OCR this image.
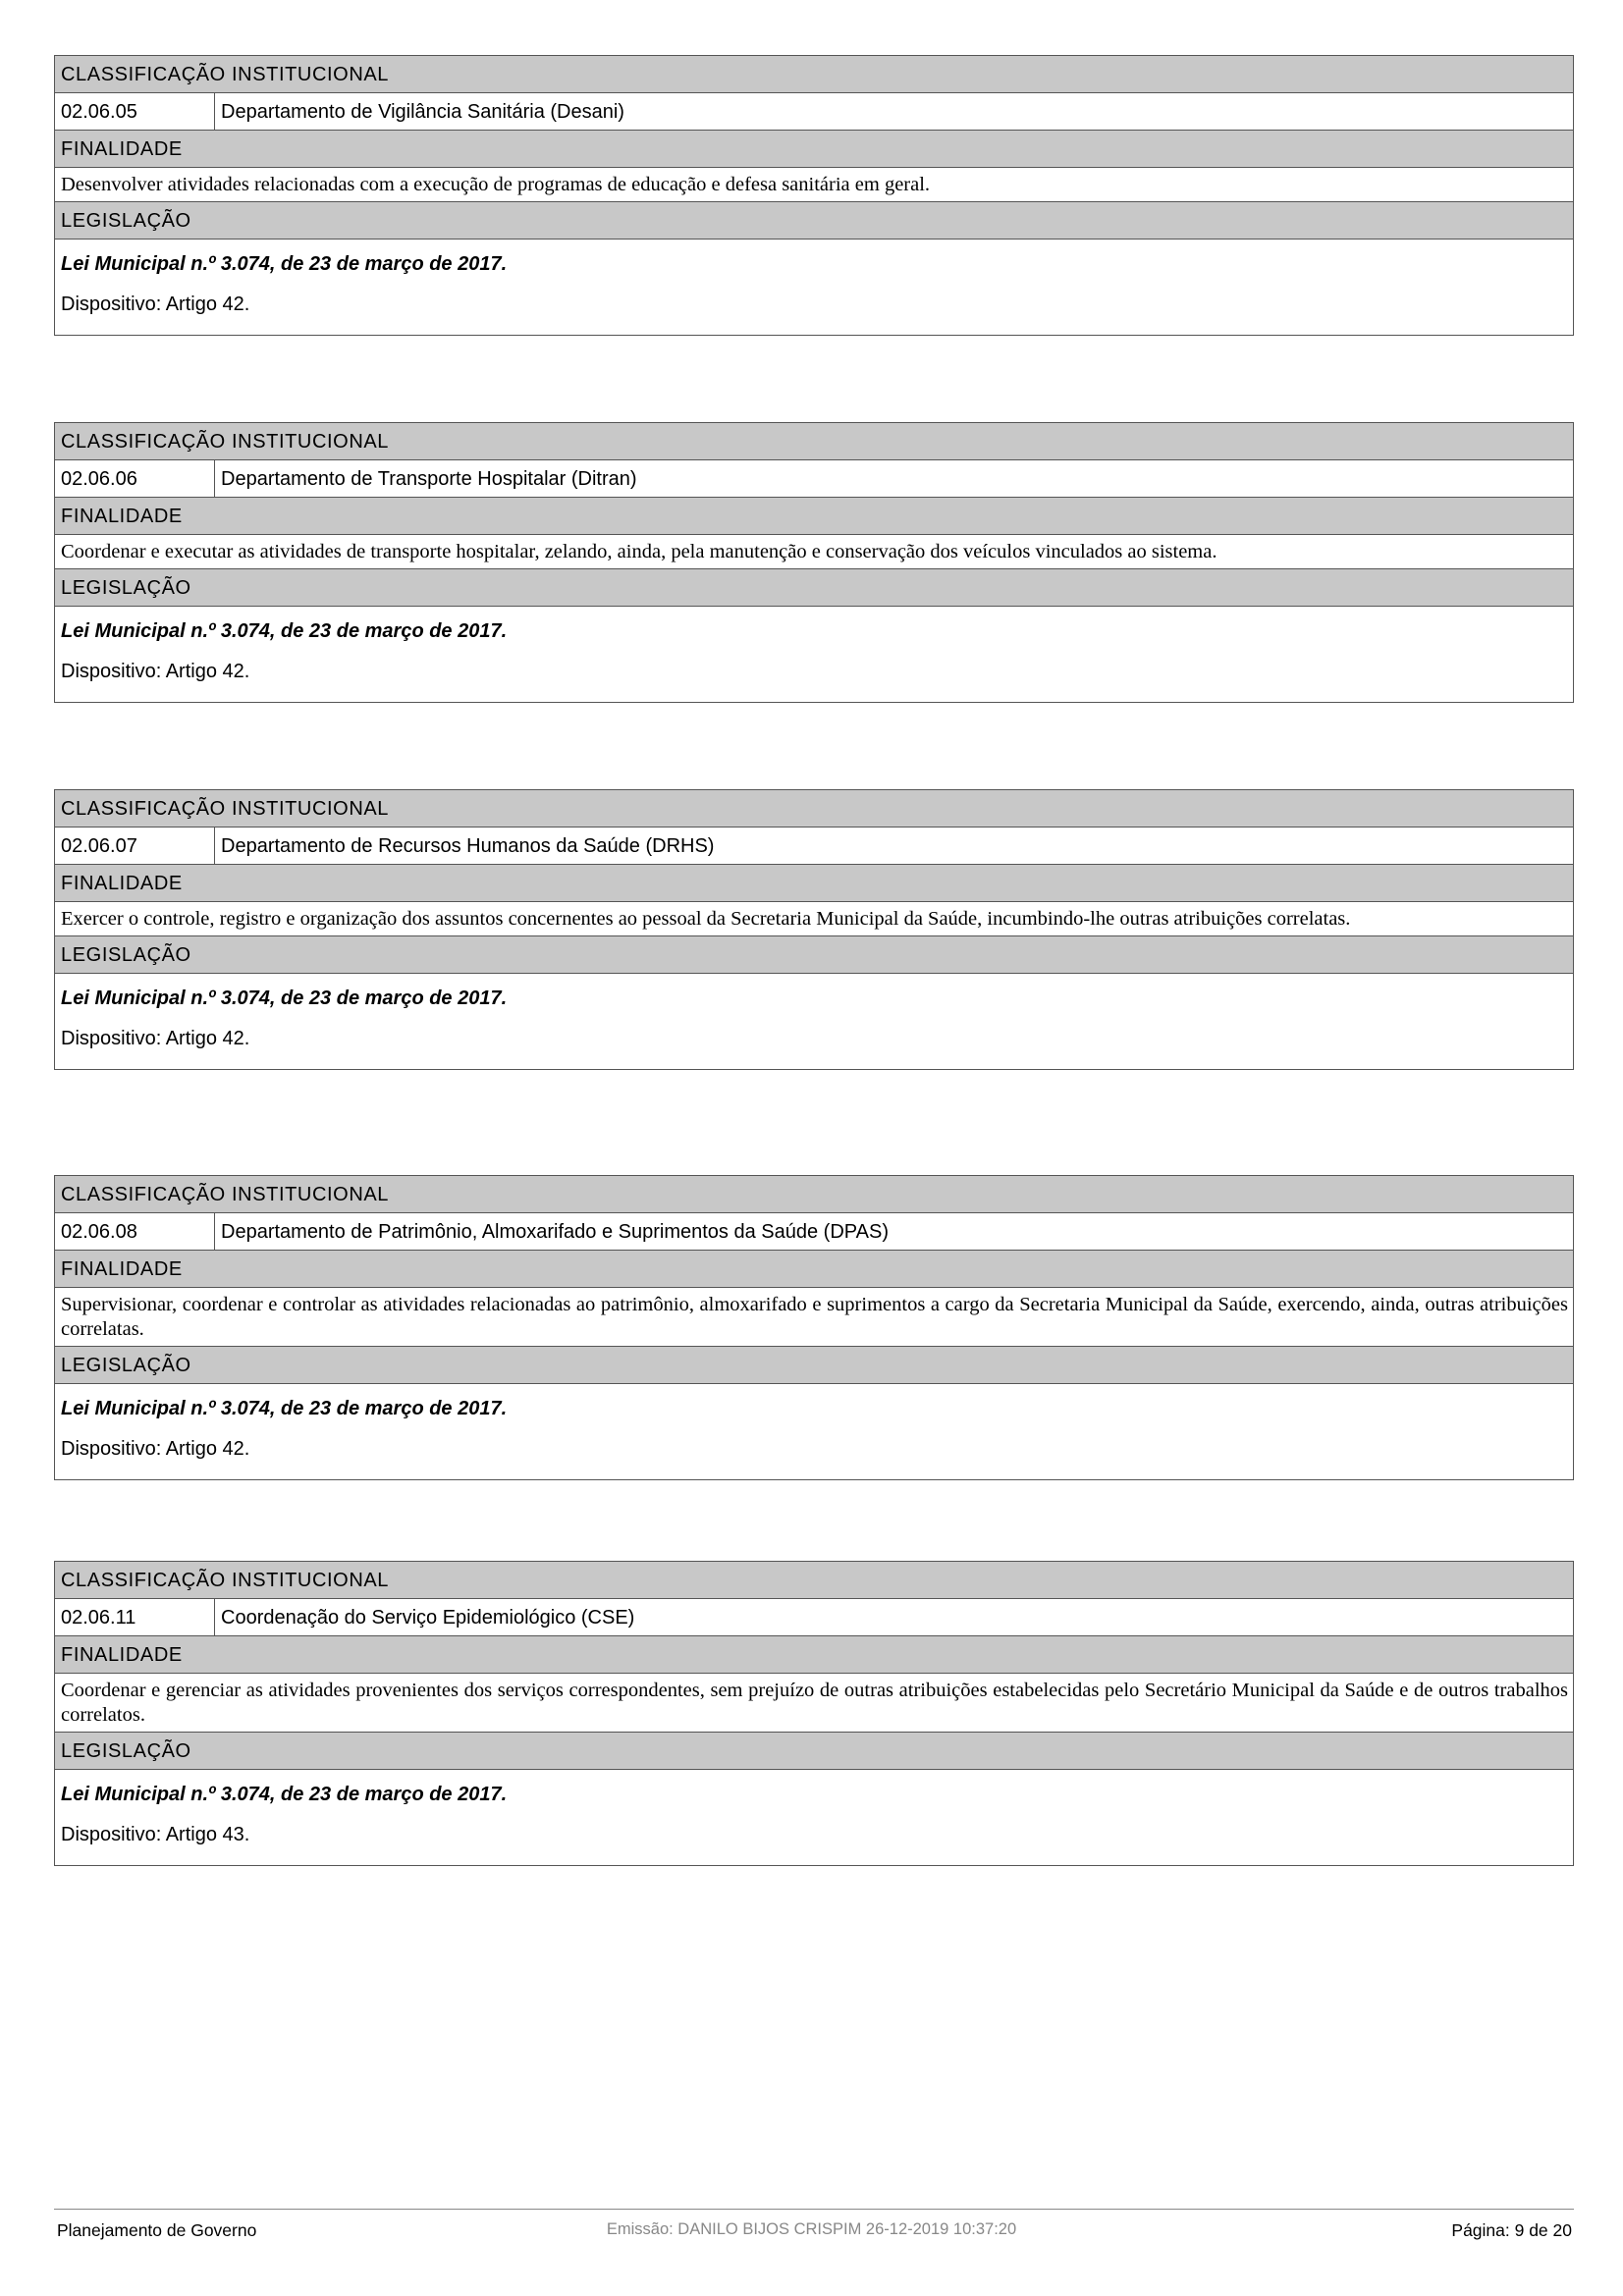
CLASSIFICAÇÃO INSTITUCIONAL
02.06.05	Departamento de Vigilância Sanitária (Desani)
FINALIDADE
Desenvolver atividades relacionadas com a execução de programas de educação e defesa sanitária em geral.
LEGISLAÇÃO
Lei Municipal n.º 3.074, de 23 de março de 2017.
Dispositivo: Artigo 42.
CLASSIFICAÇÃO INSTITUCIONAL
02.06.06	Departamento de Transporte Hospitalar (Ditran)
FINALIDADE
Coordenar e executar as atividades de transporte hospitalar, zelando, ainda, pela manutenção e conservação dos veículos vinculados ao sistema.
LEGISLAÇÃO
Lei Municipal n.º 3.074, de 23 de março de 2017.
Dispositivo: Artigo 42.
CLASSIFICAÇÃO INSTITUCIONAL
02.06.07	Departamento de Recursos Humanos da Saúde (DRHS)
FINALIDADE
Exercer o controle, registro e organização dos assuntos concernentes ao pessoal da Secretaria Municipal da Saúde, incumbindo-lhe outras atribuições correlatas.
LEGISLAÇÃO
Lei Municipal n.º 3.074, de 23 de março de 2017.
Dispositivo: Artigo 42.
CLASSIFICAÇÃO INSTITUCIONAL
02.06.08	Departamento de Patrimônio, Almoxarifado e Suprimentos da Saúde (DPAS)
FINALIDADE
Supervisionar, coordenar e controlar as atividades relacionadas ao patrimônio, almoxarifado e suprimentos a cargo da Secretaria Municipal da Saúde, exercendo, ainda, outras atribuições correlatas.
LEGISLAÇÃO
Lei Municipal n.º 3.074, de 23 de março de 2017.
Dispositivo: Artigo 42.
CLASSIFICAÇÃO INSTITUCIONAL
02.06.11	Coordenação do Serviço Epidemiológico (CSE)
FINALIDADE
Coordenar e gerenciar as atividades provenientes dos serviços correspondentes, sem prejuízo de outras atribuições estabelecidas pelo Secretário Municipal da Saúde e de outros trabalhos correlatos.
LEGISLAÇÃO
Lei Municipal n.º 3.074, de 23 de março de 2017.
Dispositivo: Artigo 43.
Planejamento de Governo	Emissão: DANILO BIJOS CRISPIM 26-12-2019 10:37:20	Página: 9 de 20
